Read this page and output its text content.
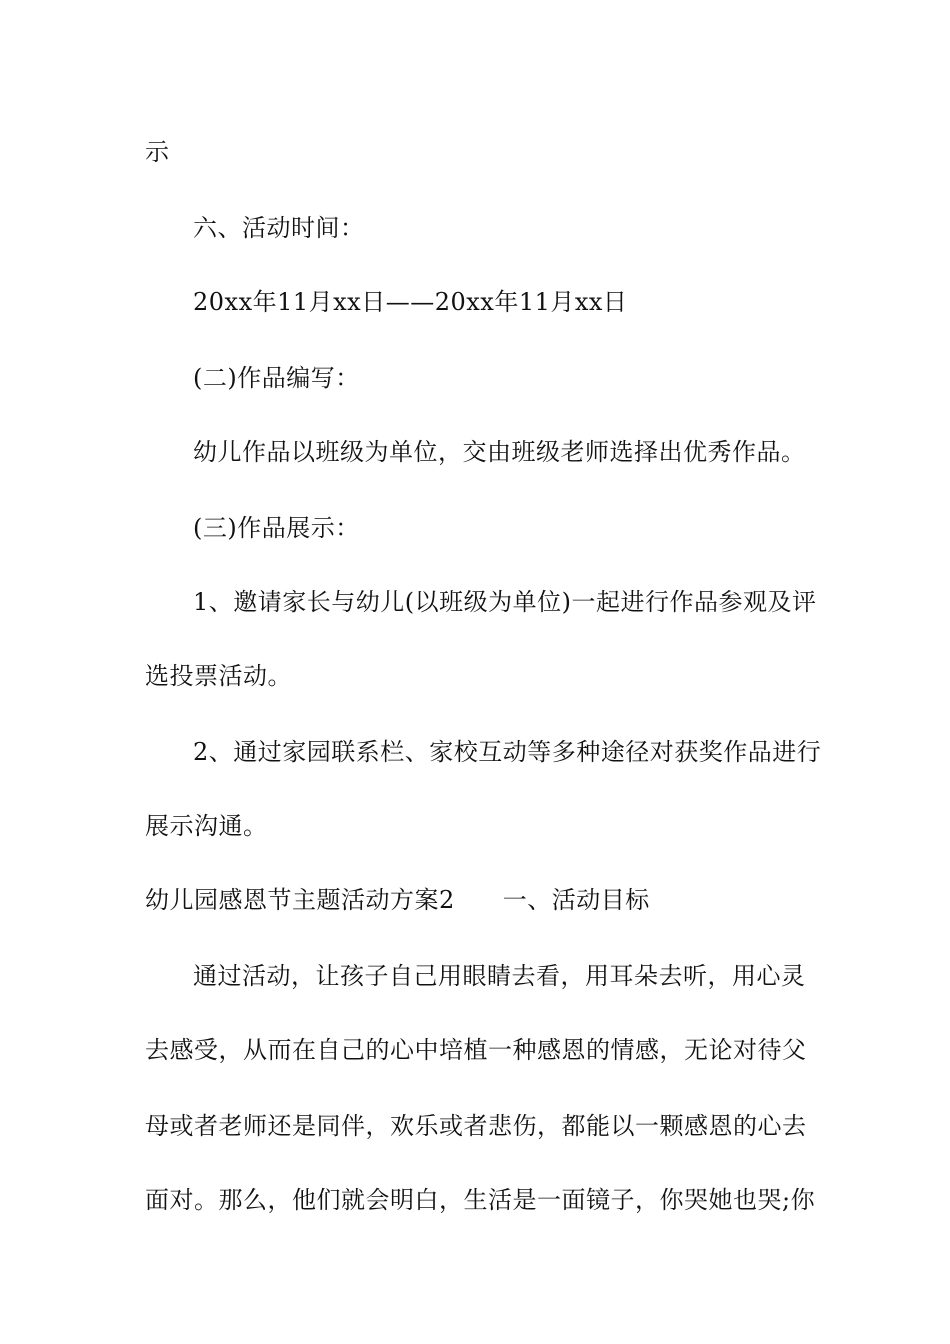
示
六、活动时间：
20xx年11月xx日——20xx年11月xx日
(二)作品编写：
幼儿作品以班级为单位，交由班级老师选择出优秀作品。
(三)作品展示：
1、邀请家长与幼儿(以班级为单位)一起进行作品参观及评
选投票活动。
2、通过家园联系栏、家校互动等多种途径对获奖作品进行
展示沟通。
幼儿园感恩节主题活动方案2 一、活动目标
通过活动，让孩子自己用眼睛去看，用耳朵去听，用心灵
去感受，从而在自己的心中培植一种感恩的情感，无论对待父
母或者老师还是同伴，欢乐或者悲伤，都能以一颗感恩的心去
面对。那么，他们就会明白，生活是一面镜子，你哭她也哭;你
